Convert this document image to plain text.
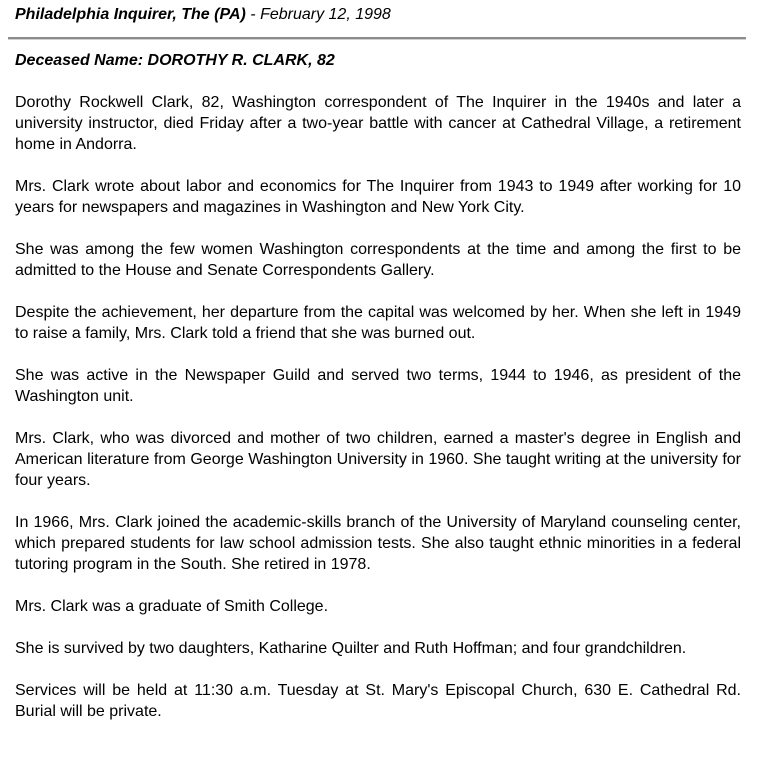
Philadelphia Inquirer, The (PA) - February 12, 1998
Deceased Name: DOROTHY R. CLARK, 82

Dorothy Rockwell Clark, 82, Washington correspondent of The Inquirer in the 1940s and later a university instructor, died Friday after a two-year battle with cancer at Cathedral Village, a retirement home in Andorra.

Mrs. Clark wrote about labor and economics for The Inquirer from 1943 to 1949 after working for 10 years for newspapers and magazines in Washington and New York City.

She was among the few women Washington correspondents at the time and among the first to be admitted to the House and Senate Correspondents Gallery.

Despite the achievement, her departure from the capital was welcomed by her. When she left in 1949 to raise a family, Mrs. Clark told a friend that she was burned out.

She was active in the Newspaper Guild and served two terms, 1944 to 1946, as president of the Washington unit.

Mrs. Clark, who was divorced and mother of two children, earned a master's degree in English and American literature from George Washington University in 1960. She taught writing at the university for four years.

In 1966, Mrs. Clark joined the academic-skills branch of the University of Maryland counseling center, which prepared students for law school admission tests. She also taught ethnic minorities in a federal tutoring program in the South. She retired in 1978.

Mrs. Clark was a graduate of Smith College.

She is survived by two daughters, Katharine Quilter and Ruth Hoffman; and four grandchildren.

Services will be held at 11:30 a.m. Tuesday at St. Mary's Episcopal Church, 630 E. Cathedral Rd. Burial will be private.
